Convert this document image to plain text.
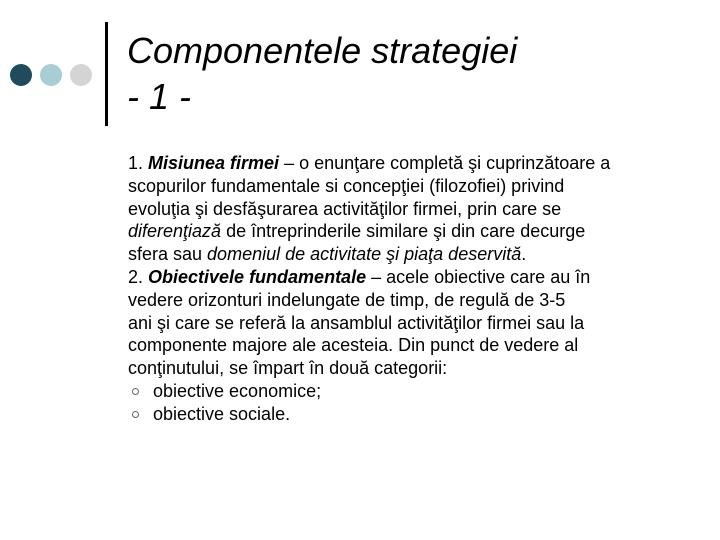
Componentele strategiei
- 1 -
1. Misiunea firmei – o enunţare completă şi cuprinzătoare a
scopurilor fundamentale si concepţiei (filozofiei) privind
evoluţia şi desfăşurarea activităţilor firmei, prin care se
diferenţiază de întreprinderile similare şi din care decurge
sfera sau domeniul de activitate şi piaţa deservită.
2. Obiectivele fundamentale – acele obiective care au în
vedere orizonturi indelungate de timp, de regulă de 3-5
ani şi care se referă la ansamblul activităţilor firmei sau la
componente majore ale acesteia. Din punct de vedere al
conţinutului, se împart în două categorii:
obiective economice;
obiective sociale.
